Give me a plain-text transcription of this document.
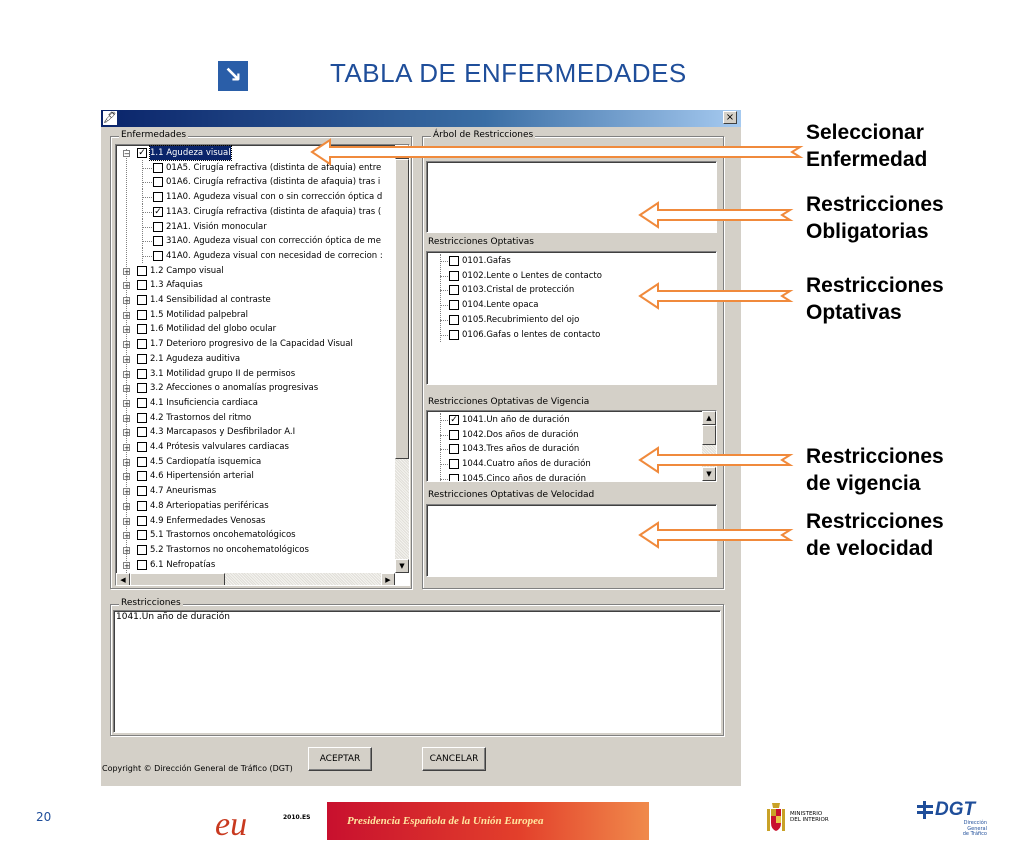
↘	TABLA DE ENFERMEDADES
🖋	×
Enfermedades
− ✓ 1.1 Agudeza visual
01A5. Cirugía refractiva (distinta de afaquia) entre
01A6. Cirugía refractiva (distinta de afaquia) tras i
11A0. Agudeza visual con o sin corrección óptica d
✓ 11A3. Cirugía refractiva (distinta de afaquia) tras (
21A1. Visión monocular
31A0. Agudeza visual con corrección óptica de me
41A0. Agudeza visual con necesidad de correcion :
+ 1.2 Campo visual
+ 1.3 Afaquias
+ 1.4 Sensibilidad al contraste
+ 1.5 Motilidad palpebral
+ 1.6 Motilidad del globo ocular
+ 1.7 Deterioro progresivo de la Capacidad Visual
+ 2.1 Agudeza auditiva
+ 3.1 Motilidad grupo II de permisos
+ 3.2 Afecciones o anomalías progresivas
+ 4.1 Insuficiencia cardiaca
+ 4.2 Trastornos del ritmo
+ 4.3 Marcapasos y Desfibrilador A.I
+ 4.4 Prótesis valvulares cardiacas
+ 4.5 Cardiopatía isquemica
+ 4.6 Hipertensión arterial
+ 4.7 Aneurismas
+ 4.8 Arteriopatias periféricas
+ 4.9 Enfermedades Venosas
+ 5.1 Trastornos oncohematológicos
+ 5.2 Trastornos no oncohematológicos
+ 6.1 Nefropatías	▼
◀	▶
Árbol de Restricciones
Restricciones Optativas
0106.Gafas o lentes de contacto
0105.Recubrimiento del ojo
0104.Lente opaca
0103.Cristal de protección
0102.Lente o Lentes de contacto
0101.Gafas
Restricciones Optativas de Vigencia
1045.Cinco años de duración
1044.Cuatro años de duración
1043.Tres años de duración
1042.Dos años de duración
✓ 1041.Un año de duración	▲
▼
Restricciones Optativas de Velocidad
Restricciones
1041.Un año de duración
Copyright © Dirección General de Tráfico (DGT)
ACEPTAR	CANCELAR
Seleccionar
Enfermedad
Restricciones
Obligatorias
Restricciones
Optativas
Restricciones
de vigencia
Restricciones
de velocidad
20	eu	2010.ES	Presidencia Española de la Unión Europea
MINISTERIO
DEL INTERIOR	DGT
Dirección General
de Tráfico
